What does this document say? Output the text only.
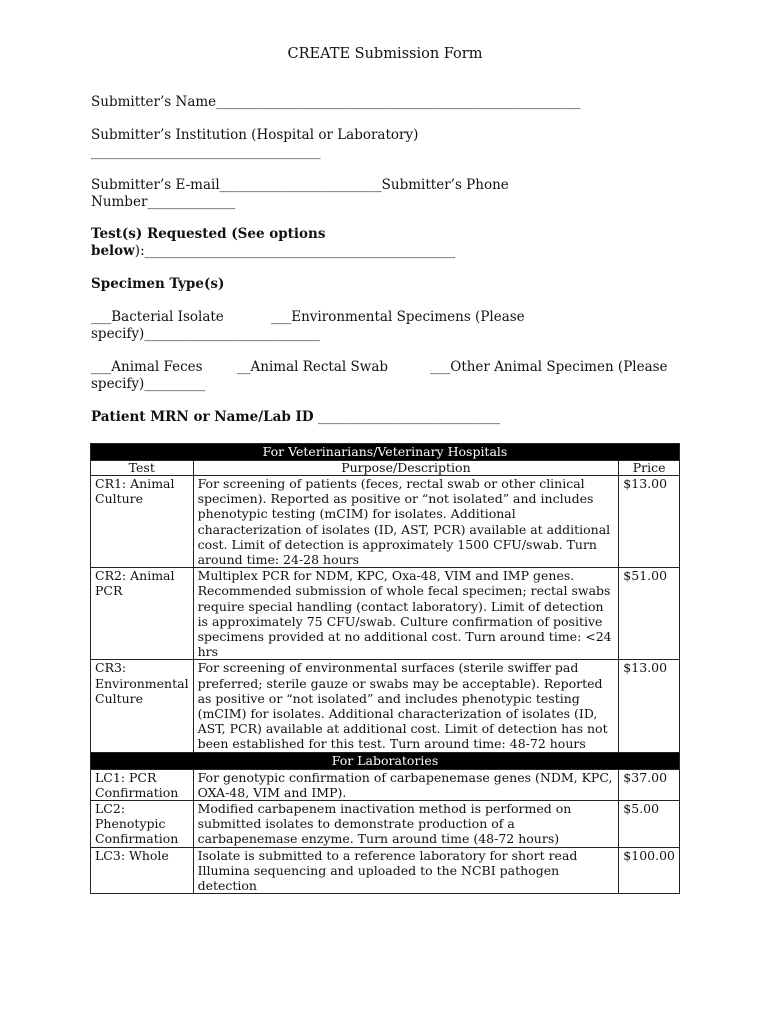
CREATE Submission Form
Submitter’s Name______________________________________________________
Submitter’s Institution (Hospital or Laboratory)
__________________________________
Submitter’s E-mail________________________Submitter’s Phone
Number_____________
Test(s) Requested (See options
below):______________________________________________
Specimen Type(s)
___Bacterial Isolate	___Environmental Specimens (Please
specify)__________________________
___Animal Feces	__Animal Rectal Swab	___Other Animal Specimen (Please
specify)_________
Patient MRN or Name/Lab ID ___________________________
For Veterinarians/Veterinary Hospitals		
Test	Purpose/Description	Price
CR1: Animal Culture	For screening of patients (feces, rectal swab or other clinical specimen). Reported as positive or “not isolated” and includes phenotypic testing (mCIM) for isolates. Additional characterization of isolates (ID, AST, PCR) available at additional cost. Limit of detection is approximately 1500 CFU/swab. Turn around time: 24-28 hours	$13.00
CR2: Animal PCR	Multiplex PCR for NDM, KPC, Oxa-48, VIM and IMP genes. Recommended submission of whole fecal specimen; rectal swabs require special handling (contact laboratory). Limit of detection is approximately 75 CFU/swab. Culture confirmation of positive specimens provided at no additional cost. Turn around time: <24 hrs	$51.00
CR3: Environmental Culture	For screening of environmental surfaces (sterile swiffer pad preferred; sterile gauze or swabs may be acceptable). Reported as positive or “not isolated” and includes phenotypic testing (mCIM) for isolates. Additional characterization of isolates (ID, AST, PCR) available at additional cost. Limit of detection has not been established for this test. Turn around time: 48-72 hours	$13.00
For Laboratories		
LC1: PCR Confirmation	For genotypic confirmation of carbapenemase genes (NDM, KPC, OXA-48, VIM and IMP).	$37.00
LC2: Phenotypic Confirmation	Modified carbapenem inactivation method is performed on submitted isolates to demonstrate production of a carbapenemase enzyme. Turn around time (48-72 hours)	$5.00
LC3: Whole	Isolate is submitted to a reference laboratory for short read Illumina sequencing and uploaded to the NCBI pathogen detection	$100.00
